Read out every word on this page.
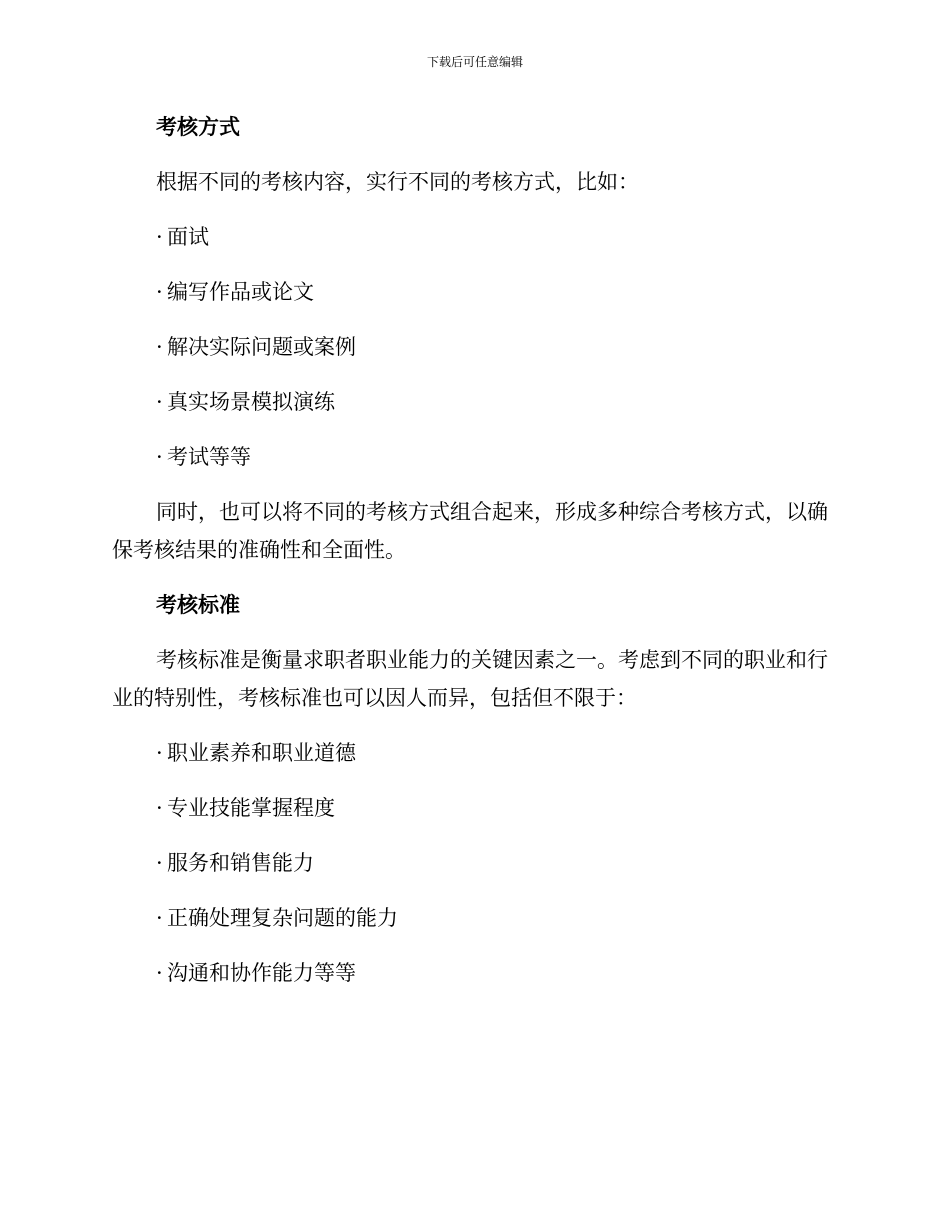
下载后可任意编辑
考核方式
根据不同的考核内容，实行不同的考核方式，比如：
· 面试
· 编写作品或论文
· 解决实际问题或案例
· 真实场景模拟演练
· 考试等等
同时，也可以将不同的考核方式组合起来，形成多种综合考核方式，以确保考核结果的准确性和全面性。
考核标准
考核标准是衡量求职者职业能力的关键因素之一。考虑到不同的职业和行业的特别性，考核标准也可以因人而异，包括但不限于：
· 职业素养和职业道德
· 专业技能掌握程度
· 服务和销售能力
· 正确处理复杂问题的能力
· 沟通和协作能力等等
